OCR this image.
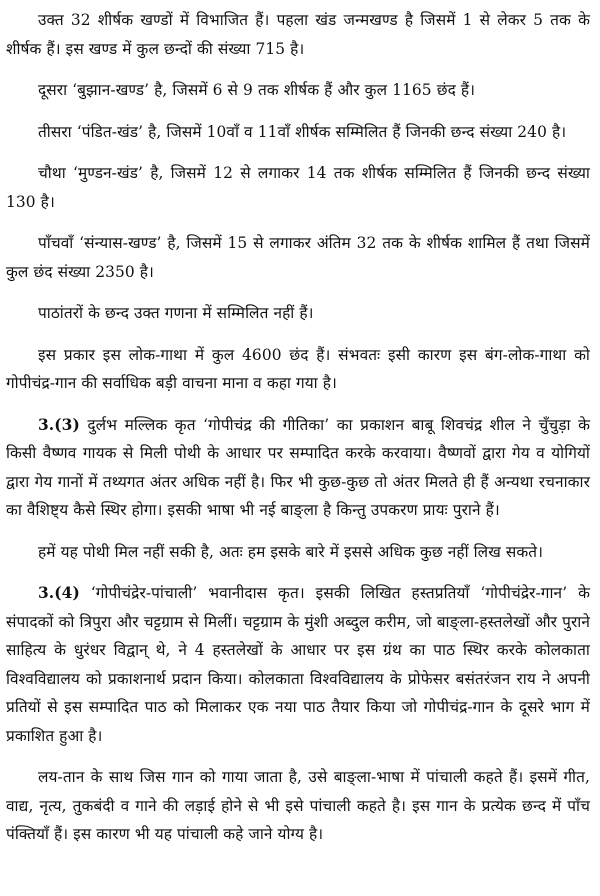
उक्त 32 शीर्षक खण्डों में विभाजित हैं। पहला खंड जन्मखण्ड है जिसमें 1 से लेकर 5 तक के शीर्षक हैं। इस खण्ड में कुल छन्दों की संख्या 715 है।

दूसरा ‘बुझान-खण्ड’ है, जिसमें 6 से 9 तक शीर्षक हैं और कुल 1165 छंद हैं।

तीसरा ‘पंडित-खंड’ है, जिसमें 10वाँ व 11वाँ शीर्षक सम्मिलित हैं जिनकी छन्द संख्या 240 है।

चौथा ‘मुण्डन-खंड’ है, जिसमें 12 से लगाकर 14 तक शीर्षक सम्मिलित हैं जिनकी छन्द संख्या 130 है।

पाँचवाँ ‘संन्यास-खण्ड’ है, जिसमें 15 से लगाकर अंतिम 32 तक के शीर्षक शामिल हैं तथा जिसमें कुल छंद संख्या 2350 है।

पाठांतरों के छन्द उक्त गणना में सम्मिलित नहीं हैं।

इस प्रकार इस लोक-गाथा में कुल 4600 छंद हैं। संभवतः इसी कारण इस बंग-लोक-गाथा को गोपीचंद्र-गान की सर्वाधिक बड़ी वाचना माना व कहा गया है।

3.(3) दुर्लभ मल्लिक कृत ‘गोपीचंद्र की गीतिका’ का प्रकाशन बाबू शिवचंद्र शील ने चुँचुड़ा के किसी वैष्णव गायक से मिली पोथी के आधार पर सम्पादित करके करवाया। वैष्णवों द्वारा गेय व योगियों द्वारा गेय गानों में तथ्यगत अंतर अधिक नहीं है। फिर भी कुछ-कुछ तो अंतर मिलते ही हैं अन्यथा रचनाकार का वैशिष्ट्य कैसे स्थिर होगा। इसकी भाषा भी नई बाङ्ला है किन्तु उपकरण प्रायः पुराने हैं।

हमें यह पोथी मिल नहीं सकी है, अतः हम इसके बारे में इससे अधिक कुछ नहीं लिख सकते।

3.(4) ‘गोपीचंद्रेर-पांचाली’ भवानीदास कृत। इसकी लिखित हस्तप्रतियाँ ‘गोपीचंद्रेर-गान’ के संपादकों को त्रिपुरा और चट्टग्राम से मिलीं। चट्टग्राम के मुंशी अब्दुल करीम, जो बाङ्ला-हस्तलेखों और पुराने साहित्य के धुरंधर विद्वान् थे, ने 4 हस्तलेखों के आधार पर इस ग्रंथ का पाठ स्थिर करके कोलकाता विश्वविद्यालय को प्रकाशनार्थ प्रदान किया। कोलकाता विश्वविद्यालय के प्रोफेसर बसंतरंजन राय ने अपनी प्रतियों से इस सम्पादित पाठ को मिलाकर एक नया पाठ तैयार किया जो गोपीचंद्र-गान के दूसरे भाग में प्रकाशित हुआ है।

लय-तान के साथ जिस गान को गाया जाता है, उसे बाङ्ला-भाषा में पांचाली कहते हैं। इसमें गीत, वाद्य, नृत्य, तुकबंदी व गाने की लड़ाई होने से भी इसे पांचाली कहते है। इस गान के प्रत्येक छन्द में पाँच पंक्तियाँ हैं। इस कारण भी यह पांचाली कहे जाने योग्य है।
